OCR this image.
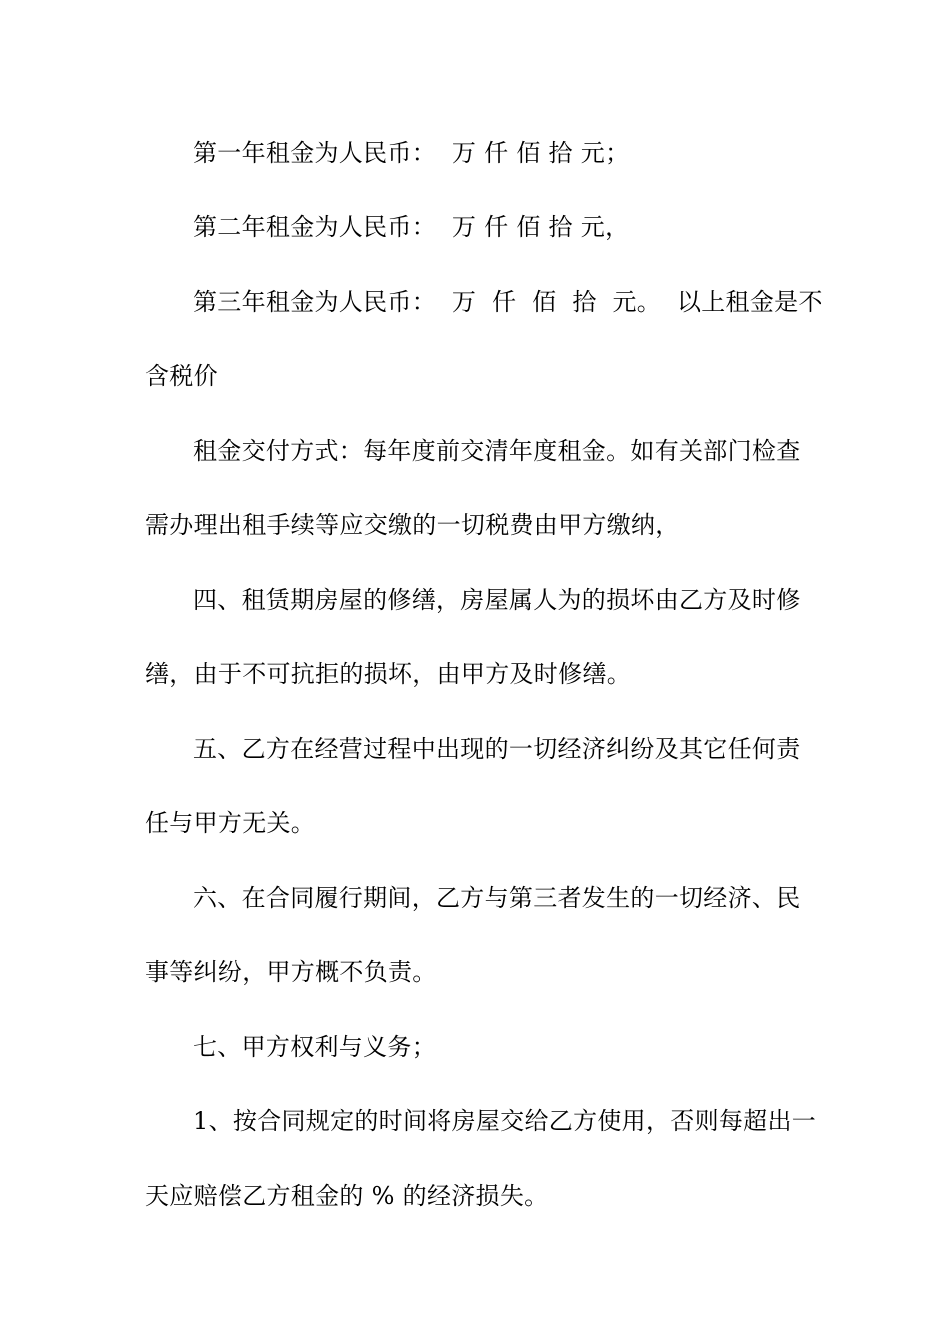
第一年租金为人民币：  万 仟 佰 拾 元；
第二年租金为人民币：  万 仟 佰 拾 元，
第三年租金为人民币：  万  仟  佰  拾  元。  以上租金是不
含税价
租金交付方式：每年度前交清年度租金。如有关部门检查
需办理出租手续等应交缴的一切税费由甲方缴纳，
四、租赁期房屋的修缮，房屋属人为的损坏由乙方及时修
缮，由于不可抗拒的损坏，由甲方及时修缮。
五、乙方在经营过程中出现的一切经济纠纷及其它任何责
任与甲方无关。
六、在合同履行期间，乙方与第三者发生的一切经济、民
事等纠纷，甲方概不负责。
七、甲方权利与义务；
1、按合同规定的时间将房屋交给乙方使用，否则每超出一
天应赔偿乙方租金的 % 的经济损失。
